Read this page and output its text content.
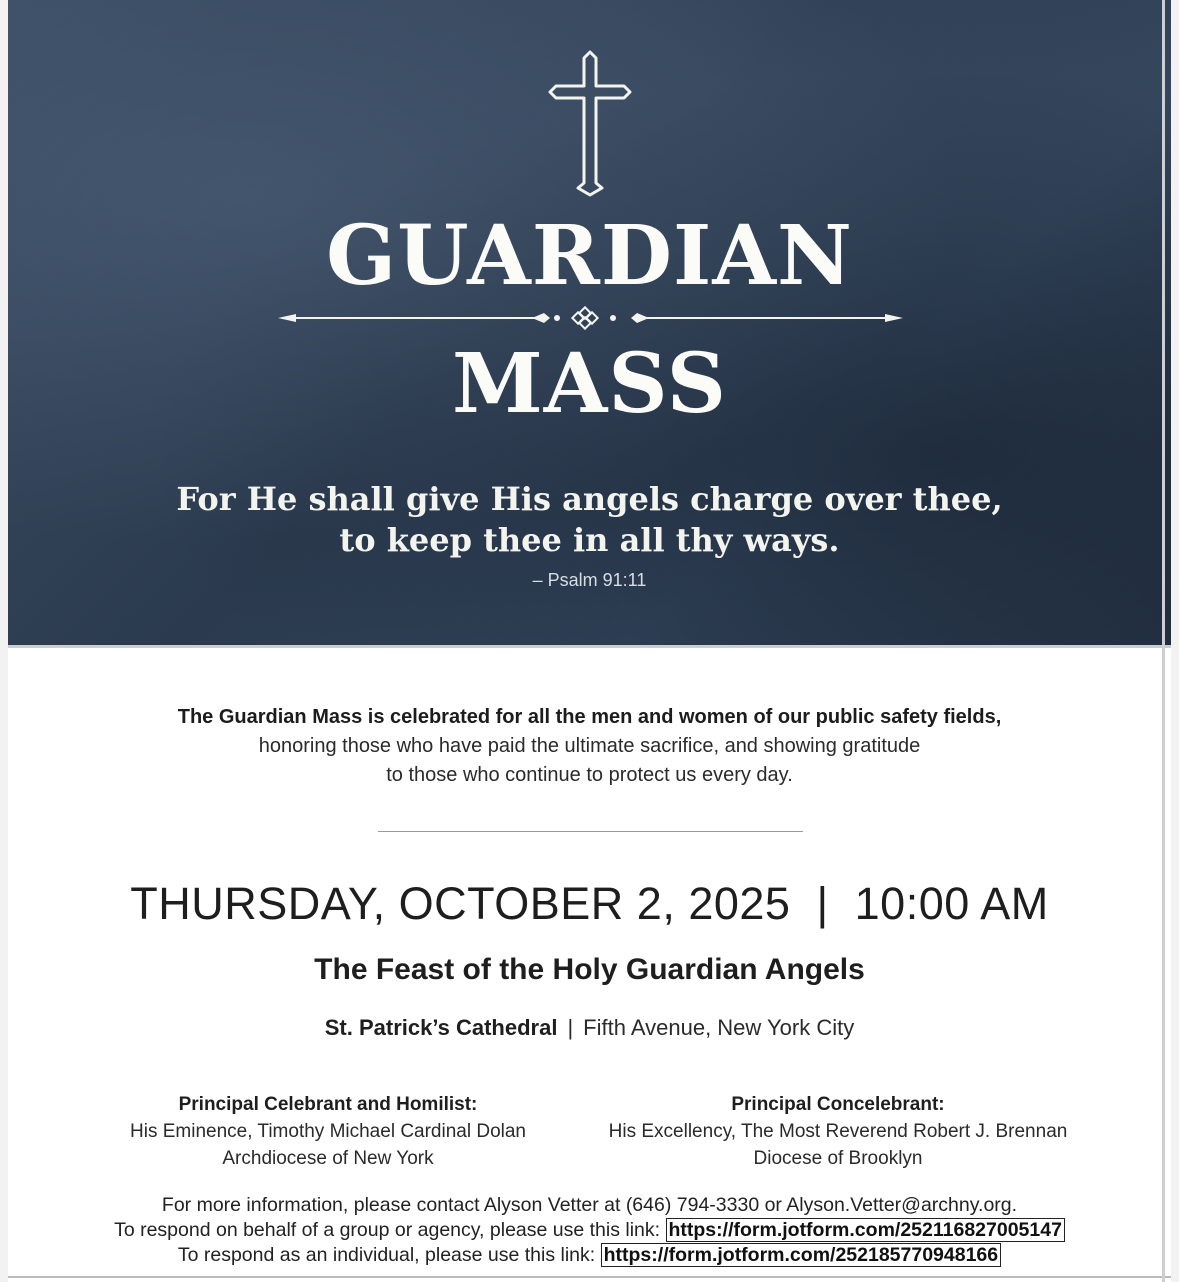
GUARDIAN
MASS
For He shall give His angels charge over thee,
to keep thee in all thy ways.
– Psalm 91:11
The Guardian Mass is celebrated for all the men and women of our public safety fields,
honoring those who have paid the ultimate sacrifice, and showing gratitude
to those who continue to protect us every day.
THURSDAY, OCTOBER 2, 2025  |  10:00 AM
The Feast of the Holy Guardian Angels
St. Patrick’s Cathedral | Fifth Avenue, New York City
Principal Celebrant and Homilist:
His Eminence, Timothy Michael Cardinal Dolan
Archdiocese of New York
Principal Concelebrant:
His Excellency, The Most Reverend Robert J. Brennan
Diocese of Brooklyn
For more information, please contact Alyson Vetter at (646) 794-3330 or Alyson.Vetter@archny.org.
To respond on behalf of a group or agency, please use this link: https://form.jotform.com/252116827005147
To respond as an individual, please use this link: https://form.jotform.com/252185770948166
